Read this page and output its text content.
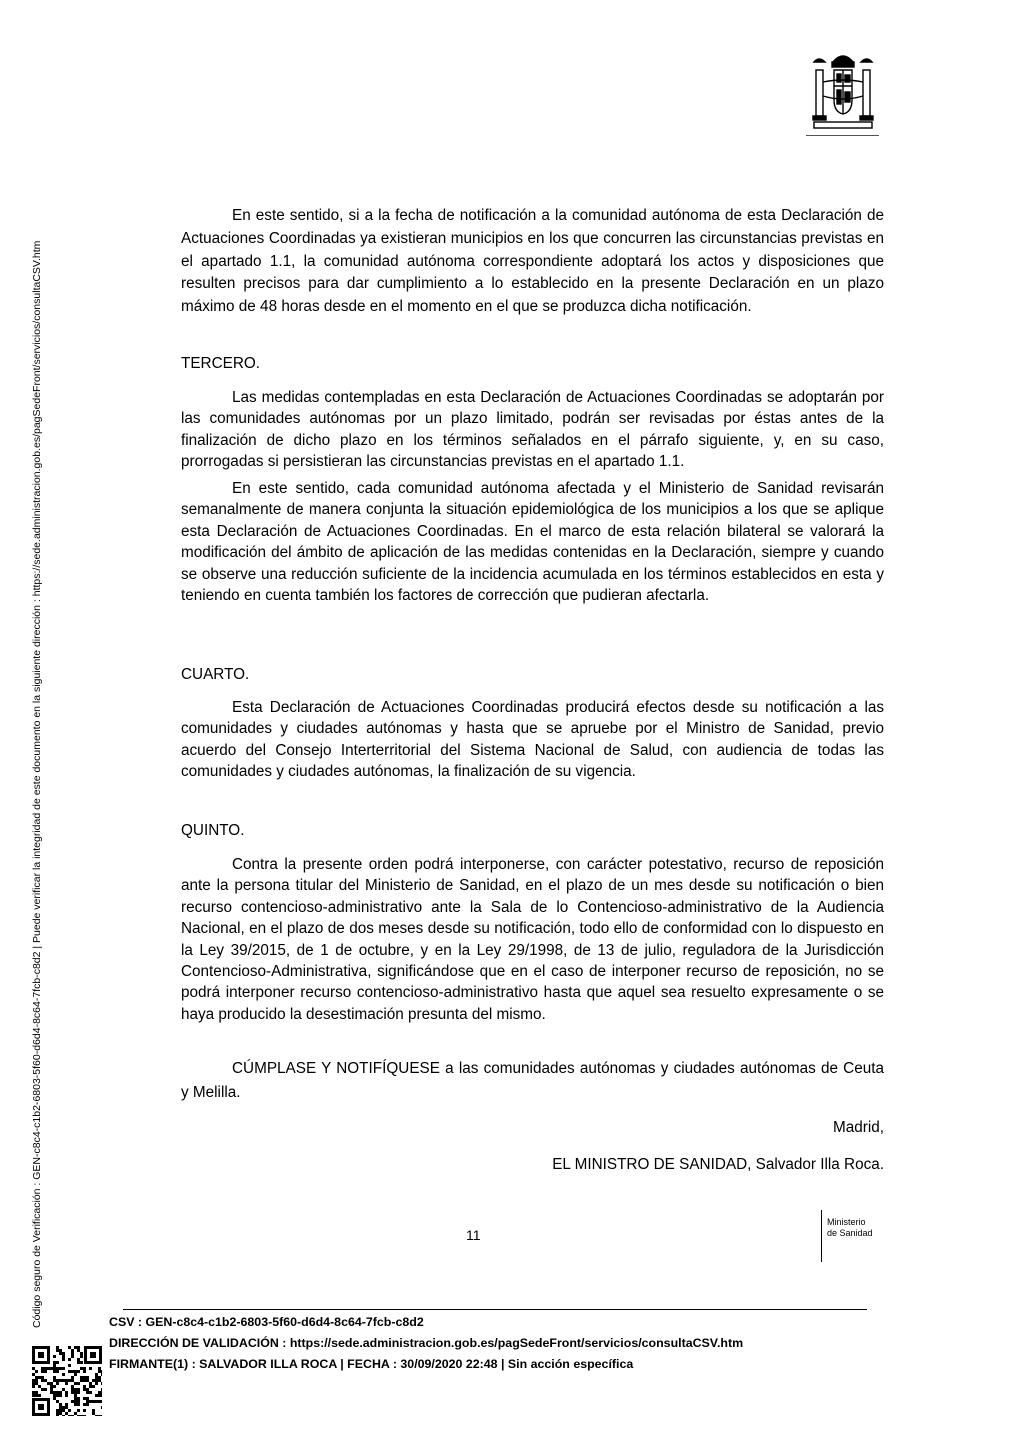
Código seguro de Verificación : GEN-c8c4-c1b2-6803-5f60-d6d4-8c64-7fcb-c8d2 | Puede verificar la integridad de este documento en la siguiente dirección : https://sede.administracion.gob.es/pagSedeFront/servicios/consultaCSV.htm
En este sentido, si a la fecha de notificación a la comunidad autónoma de esta Declaración de Actuaciones Coordinadas ya existieran municipios en los que concurren las circunstancias previstas en el apartado 1.1, la comunidad autónoma correspondiente adoptará los actos y disposiciones que resulten precisos para dar cumplimiento a lo establecido en la presente Declaración en un plazo máximo de 48 horas desde en el momento en el que se produzca dicha notificación.
TERCERO.
Las medidas contempladas en esta Declaración de Actuaciones Coordinadas se adoptarán por las comunidades autónomas por un plazo limitado, podrán ser revisadas por éstas antes de la finalización de dicho plazo en los términos señalados en el párrafo siguiente, y, en su caso, prorrogadas si persistieran las circunstancias previstas en el apartado 1.1.
En este sentido, cada comunidad autónoma afectada y el Ministerio de Sanidad revisarán semanalmente de manera conjunta la situación epidemiológica de los municipios a los que se aplique esta Declaración de Actuaciones Coordinadas. En el marco de esta relación bilateral se valorará la modificación del ámbito de aplicación de las medidas contenidas en la Declaración, siempre y cuando se observe una reducción suficiente de la incidencia acumulada en los términos establecidos en esta y teniendo en cuenta también los factores de corrección que pudieran afectarla.
CUARTO.
Esta Declaración de Actuaciones Coordinadas producirá efectos desde su notificación a las comunidades y ciudades autónomas y hasta que se apruebe por el Ministro de Sanidad, previo acuerdo del Consejo Interterritorial del Sistema Nacional de Salud, con audiencia de todas las comunidades y ciudades autónomas, la finalización de su vigencia.
QUINTO.
Contra la presente orden podrá interponerse, con carácter potestativo, recurso de reposición ante la persona titular del Ministerio de Sanidad, en el plazo de un mes desde su notificación o bien recurso contencioso-administrativo ante la Sala de lo Contencioso-administrativo de la Audiencia Nacional, en el plazo de dos meses desde su notificación, todo ello de conformidad con lo dispuesto en la Ley 39/2015, de 1 de octubre, y en la Ley 29/1998, de 13 de julio, reguladora de la Jurisdicción Contencioso-Administrativa, significándose que en el caso de interponer recurso de reposición, no se podrá interponer recurso contencioso-administrativo hasta que aquel sea resuelto expresamente o se haya producido la desestimación presunta del mismo.
CÚMPLASE Y NOTIFÍQUESE a las comunidades autónomas y ciudades autónomas de Ceuta y Melilla.
Madrid,
EL MINISTRO DE SANIDAD, Salvador Illa Roca.
11
Ministerio
de Sanidad
CSV : GEN-c8c4-c1b2-6803-5f60-d6d4-8c64-7fcb-c8d2
DIRECCIÓN DE VALIDACIÓN : https://sede.administracion.gob.es/pagSedeFront/servicios/consultaCSV.htm
FIRMANTE(1) : SALVADOR ILLA ROCA | FECHA : 30/09/2020 22:48 | Sin acción específica
